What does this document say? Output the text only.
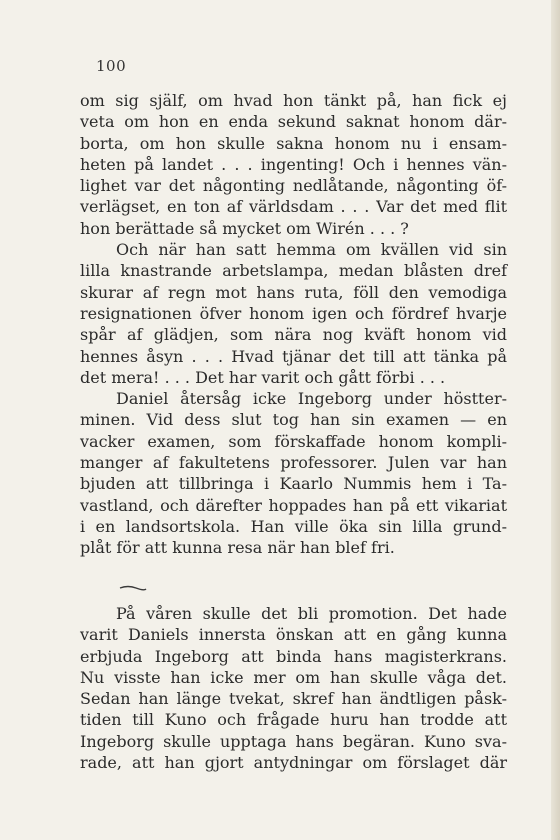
100
om sig själf, om hvad hon tänkt på, han fick ej
veta om hon en enda sekund saknat honom där-
borta, om hon skulle sakna honom nu i ensam-
heten på landet . . . ingenting! Och i hennes vän-
lighet var det någonting nedlåtande, någonting öf-
verlägset, en ton af världsdam . . . Var det med flit
hon berättade så mycket om Wirén . . . ?
Och när han satt hemma om kvällen vid sin
lilla knastrande arbetslampa, medan blåsten dref
skurar af regn mot hans ruta, föll den vemodiga
resignationen öfver honom igen och fördref hvarje
spår af glädjen, som nära nog kväft honom vid
hennes åsyn . . . Hvad tjänar det till att tänka på
det mera! . . . Det har varit och gått förbi . . .
Daniel återsåg icke Ingeborg under höstter-
minen. Vid dess slut tog han sin examen — en
vacker examen, som förskaffade honom kompli-
manger af fakultetens professorer. Julen var han
bjuden att tillbringa i Kaarlo Nummis hem i Ta-
vastland, och därefter hoppades han på ett vikariat
i en landsortskola. Han ville öka sin lilla grund-
plåt för att kunna resa när han blef fri.
På våren skulle det bli promotion. Det hade
varit Daniels innersta önskan att en gång kunna
erbjuda Ingeborg att binda hans magisterkrans.
Nu visste han icke mer om han skulle våga det.
Sedan han länge tvekat, skref han ändtligen påsk-
tiden till Kuno och frågade huru han trodde att
Ingeborg skulle upptaga hans begäran. Kuno sva-
rade, att han gjort antydningar om förslaget där
